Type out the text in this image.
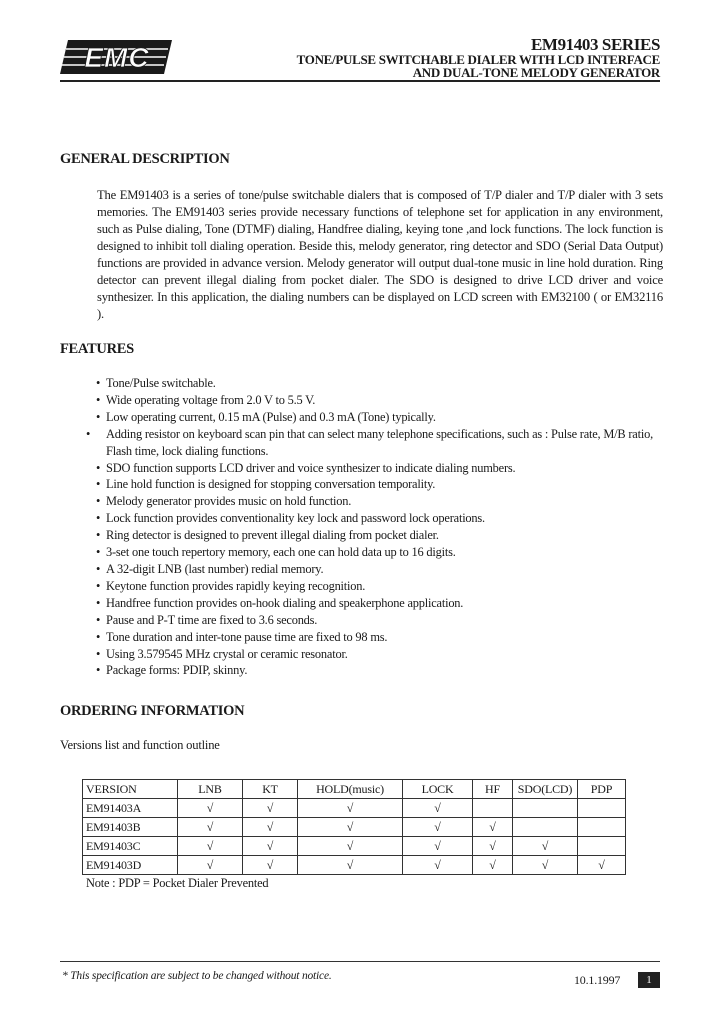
EMC	EM91403 SERIES
TONE/PULSE SWITCHABLE DIALER WITH LCD INTERFACE
AND DUAL-TONE MELODY GENERATOR
GENERAL DESCRIPTION

The EM91403 is a series of tone/pulse switchable dialers that is composed of T/P dialer and T/P dialer with 3 sets memories. The EM91403 series provide necessary functions of telephone set for application in any environment, such as Pulse dialing, Tone (DTMF) dialing, Handfree dialing, keying tone ,and lock functions. The lock function is designed to inhibit toll dialing operation. Beside this, melody generator, ring detector and SDO (Serial Data Output) functions are provided in advance version. Melody generator will output dual-tone music in line hold duration. Ring detector can prevent illegal dialing from pocket dialer. The SDO is designed to drive LCD driver and voice synthesizer. In this application, the dialing numbers can be displayed on LCD screen with EM32100 ( or EM32116 ).

FEATURES
• Tone/Pulse switchable.
• Wide operating voltage from 2.0 V to 5.5 V.
• Low operating current, 0.15 mA (Pulse) and 0.3 mA (Tone) typically.
• Adding resistor on keyboard scan pin that can select many telephone specifications, such as : Pulse rate, M/B ratio, Flash time, lock dialing functions.
• SDO function supports LCD driver and voice synthesizer to indicate dialing numbers.
• Line hold function is designed for stopping conversation temporality.
• Melody generator provides music on hold function.
• Lock function provides conventionality key lock and password lock operations.
• Ring detector is designed to prevent illegal dialing from pocket dialer.
• 3-set one touch repertory memory, each one can hold data up to 16 digits.
• A 32-digit LNB (last number) redial memory.
• Keytone function provides rapidly keying recognition.
• Handfree function provides on-hook dialing and speakerphone application.
• Pause and P-T time are fixed to 3.6 seconds.
• Tone duration and inter-tone pause time are fixed to 98 ms.
• Using 3.579545 MHz crystal or ceramic resonator.
• Package forms: PDIP, skinny.
ORDERING INFORMATION
Versions list and function outline
VERSION	LNB	KT	HOLD(music)	LOCK	HF	SDO(LCD)	PDP
EM91403A	√	√	√	√			
EM91403B	√	√	√	√	√		
EM91403C	√	√	√	√	√	√	
EM91403D	√	√	√	√	√	√	√
Note : PDP = Pocket Dialer Prevented
* This specification are subject to be changed without notice.	10.1.1997	1
